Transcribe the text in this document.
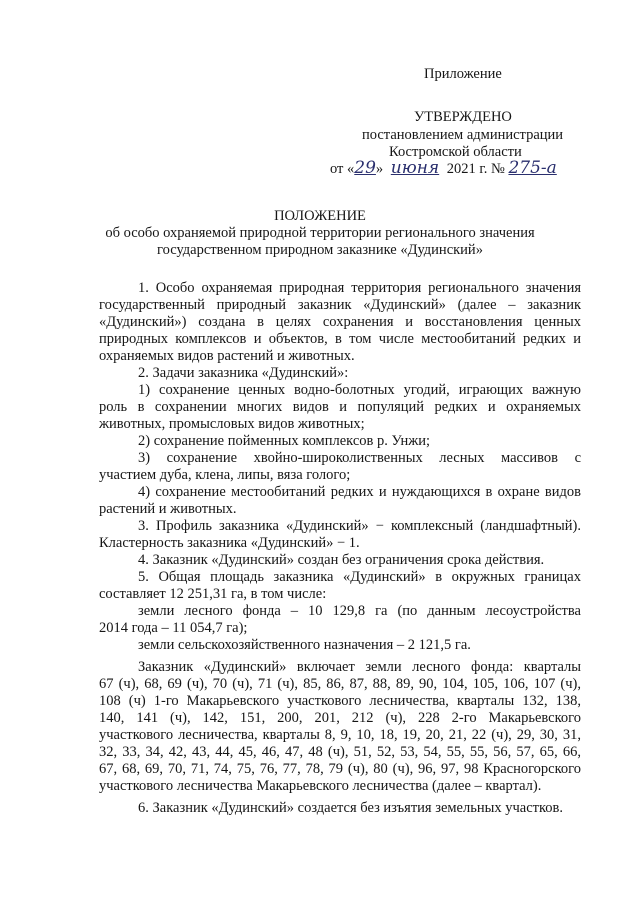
Приложение
УТВЕРЖДЕНО
постановлением администрации
Костромской области
от «29» июня 2021 г. № 275-а
ПОЛОЖЕНИЕ
об особо охраняемой природной территории регионального значения
государственном природном заказнике «Дудинский»
1. Особо охраняемая природная территория регионального значения
государственный природный заказник «Дудинский» (далее – заказник
«Дудинский») создана в целях сохранения и восстановления ценных
природных комплексов и объектов, в том числе местообитаний редких и
охраняемых видов растений и животных.
2. Задачи заказника «Дудинский»:
1) сохранение ценных водно-болотных угодий, играющих важную
роль в сохранении многих видов и популяций редких и охраняемых
животных, промысловых видов животных;
2) сохранение пойменных комплексов р. Унжи;
3) сохранение хвойно-широколиственных лесных массивов с
участием дуба, клена, липы, вяза голого;
4) сохранение местообитаний редких и нуждающихся в охране видов
растений и животных.
3. Профиль заказника «Дудинский» − комплексный (ландшафтный).
Кластерность заказника «Дудинский» − 1.
4. Заказник «Дудинский» создан без ограничения срока действия.
5. Общая площадь заказника «Дудинский» в окружных границах
составляет 12 251,31 га, в том числе:
земли лесного фонда – 10 129,8 га (по данным лесоустройства
2014 года – 11 054,7 га);
земли сельскохозяйственного назначения – 2 121,5 га.
Заказник «Дудинский» включает земли лесного фонда: кварталы
67 (ч), 68, 69 (ч), 70 (ч), 71 (ч), 85, 86, 87, 88, 89, 90, 104, 105, 106, 107 (ч),
108 (ч) 1-го Макарьевского участкового лесничества, кварталы 132, 138,
140, 141 (ч), 142, 151, 200, 201, 212 (ч), 228 2-го Макарьевского
участкового лесничества, кварталы 8, 9, 10, 18, 19, 20, 21, 22 (ч), 29, 30, 31,
32, 33, 34, 42, 43, 44, 45, 46, 47, 48 (ч), 51, 52, 53, 54, 55, 55, 56, 57, 65, 66,
67, 68, 69, 70, 71, 74, 75, 76, 77, 78, 79 (ч), 80 (ч), 96, 97, 98 Красногорского
участкового лесничества Макарьевского лесничества (далее – квартал).
6. Заказник «Дудинский» создается без изъятия земельных участков.
